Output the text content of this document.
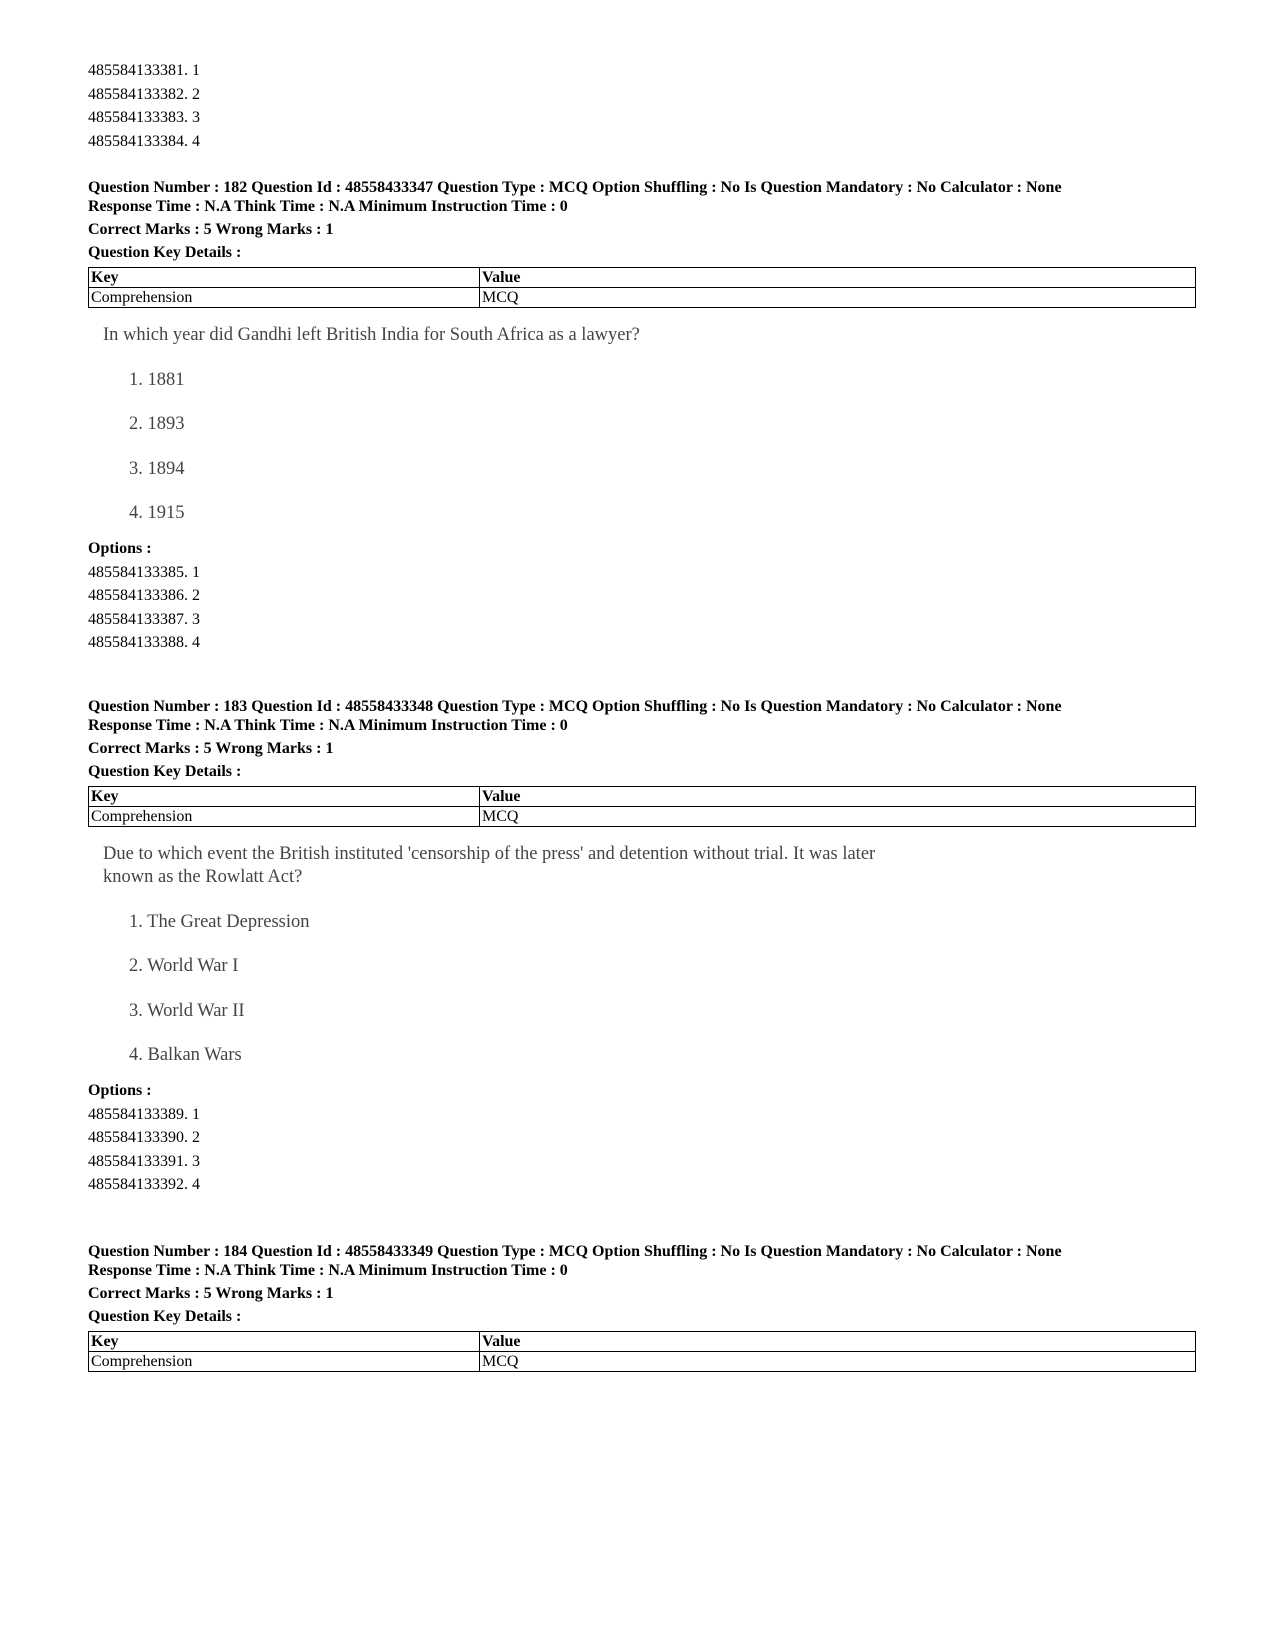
485584133381. 1
485584133382. 2
485584133383. 3
485584133384. 4
Question Number : 182 Question Id : 48558433347 Question Type : MCQ Option Shuffling : No Is Question Mandatory : No Calculator : None
Response Time : N.A Think Time : N.A Minimum Instruction Time : 0
Correct Marks : 5 Wrong Marks : 1
Question Key Details :
Key	Value
Comprehension	MCQ
In which year did Gandhi left British India for South Africa as a lawyer?
1. 1881
2. 1893
3. 1894
4. 1915
Options :
485584133385. 1
485584133386. 2
485584133387. 3
485584133388. 4
Question Number : 183 Question Id : 48558433348 Question Type : MCQ Option Shuffling : No Is Question Mandatory : No Calculator : None
Response Time : N.A Think Time : N.A Minimum Instruction Time : 0
Correct Marks : 5 Wrong Marks : 1
Question Key Details :
Key	Value
Comprehension	MCQ
Due to which event the British instituted 'censorship of the press' and detention without trial. It was later
known as the Rowlatt Act?
1. The Great Depression
2. World War I
3. World War II
4. Balkan Wars
Options :
485584133389. 1
485584133390. 2
485584133391. 3
485584133392. 4
Question Number : 184 Question Id : 48558433349 Question Type : MCQ Option Shuffling : No Is Question Mandatory : No Calculator : None
Response Time : N.A Think Time : N.A Minimum Instruction Time : 0
Correct Marks : 5 Wrong Marks : 1
Question Key Details :
Key	Value
Comprehension	MCQ
